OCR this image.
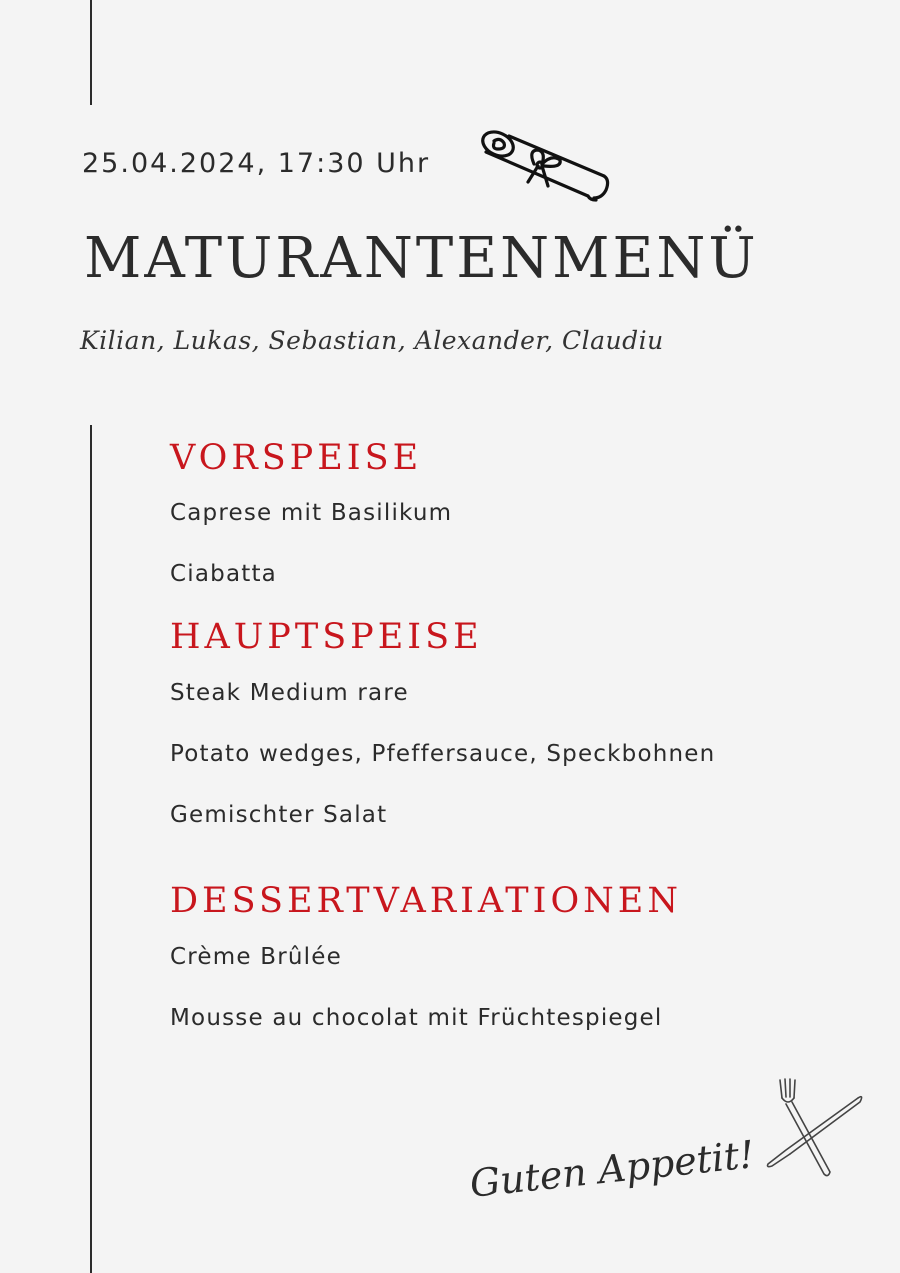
25.04.2024, 17:30 Uhr
MATURANTENMENÜ
Kilian, Lukas, Sebastian, Alexander, Claudiu
VORSPEISE
Caprese mit Basilikum
Ciabatta
HAUPTSPEISE
Steak Medium rare
Potato wedges, Pfeffersauce, Speckbohnen
Gemischter Salat
DESSERTVARIATIONEN
Crème Brûlée
Mousse au chocolat mit Früchtespiegel
Guten Appetit!
